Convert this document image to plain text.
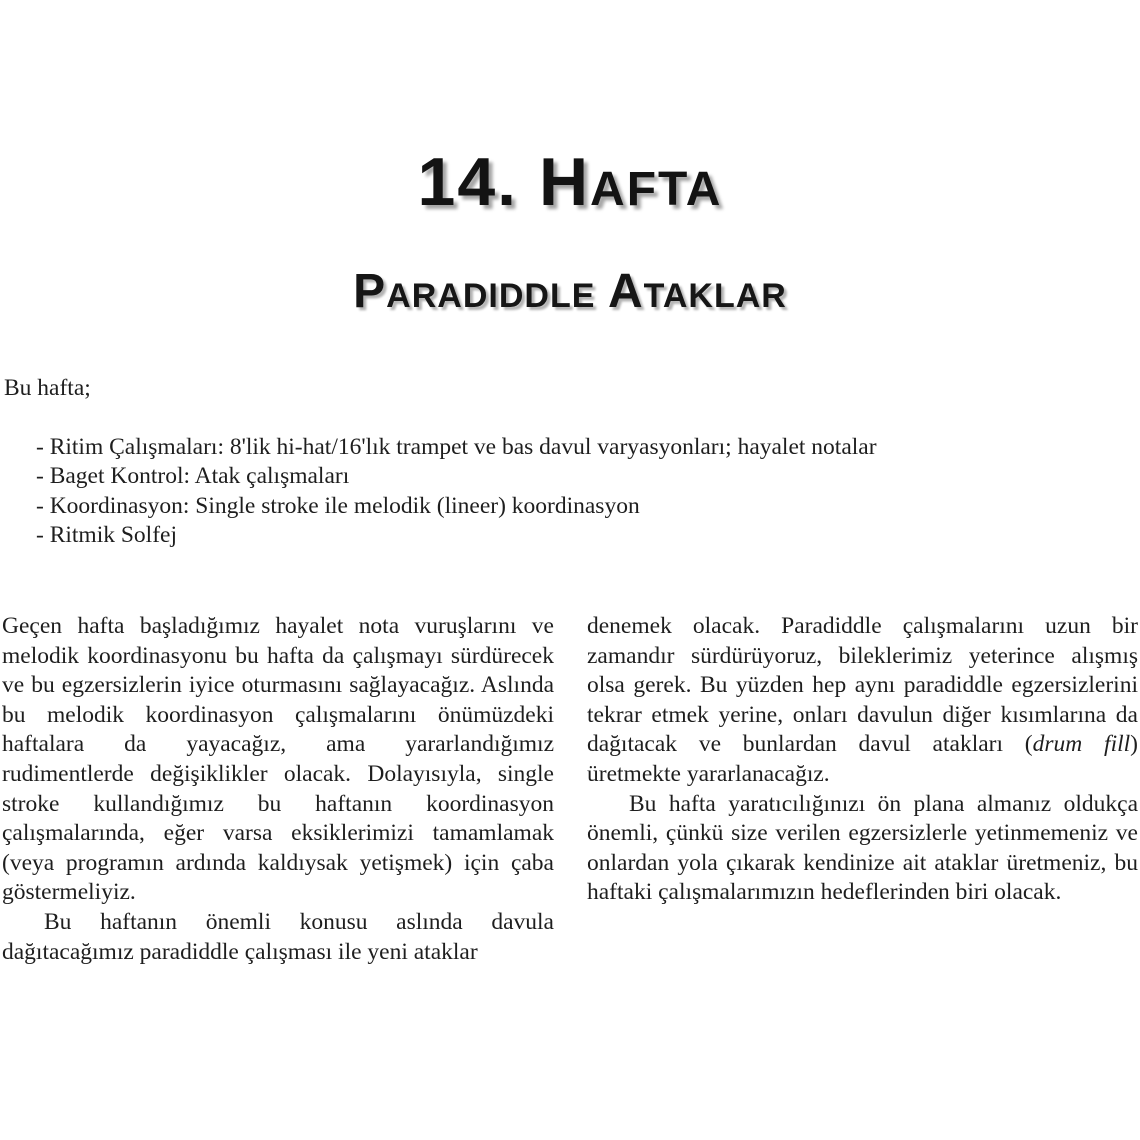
14. Hafta
Paradiddle Ataklar

Bu hafta;

- Ritim Çalışmaları: 8'lik hi-hat/16'lık trampet ve bas davul varyasyonları; hayalet notalar
- Baget Kontrol: Atak çalışmaları
- Koordinasyon: Single stroke ile melodik (lineer) koordinasyon
- Ritmik Solfej

Geçen hafta başladığımız hayalet nota vuruşlarını ve melodik koordinasyonu bu hafta da çalışmayı sürdürecek ve bu egzersizlerin iyice oturmasını sağlayacağız. Aslında bu melodik koordinasyon çalışmalarını önümüzdeki haftalara da yayacağız, ama yararlandığımız rudimentlerde değişiklikler olacak. Dolayısıyla, single stroke kullandığımız bu haftanın koordinasyon çalışmalarında, eğer varsa eksiklerimizi tamamlamak (veya programın ardında kaldıysak yetişmek) için çaba göstermeliyiz.

Bu haftanın önemli konusu aslında davula dağıtacağımız paradiddle çalışması ile yeni ataklar

denemek olacak. Paradiddle çalışmalarını uzun bir zamandır sürdürüyoruz, bileklerimiz yeterince alışmış olsa gerek. Bu yüzden hep aynı paradiddle egzersizlerini tekrar etmek yerine, onları davulun diğer kısımlarına da dağıtacak ve bunlardan davul atakları (drum fill) üretmekte yararlanacağız.

Bu hafta yaratıcılığınızı ön plana almanız oldukça önemli, çünkü size verilen egzersizlerle yetinmemeniz ve onlardan yola çıkarak kendinize ait ataklar üretmeniz, bu haftaki çalışmalarımızın hedeflerinden biri olacak.
